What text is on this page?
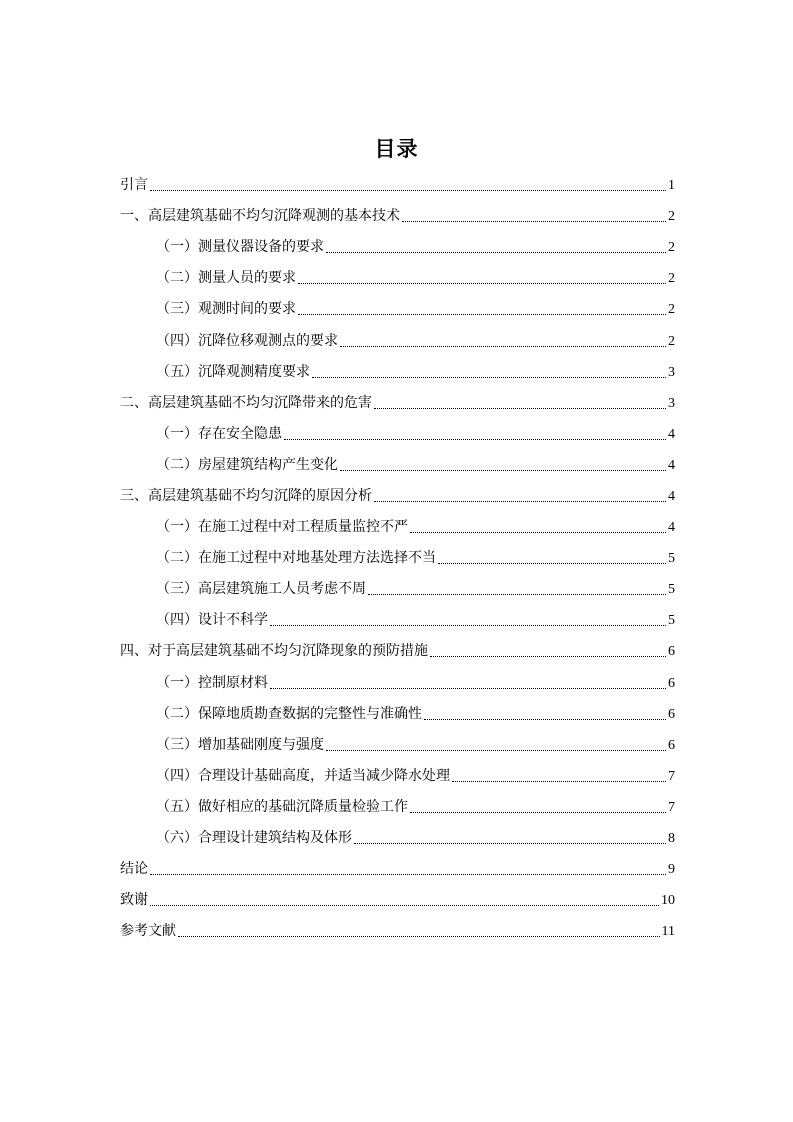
目录
引言	1
一、高层建筑基础不均匀沉降观测的基本技术	2
（一）测量仪器设备的要求	2
（二）测量人员的要求	2
（三）观测时间的要求	2
（四）沉降位移观测点的要求	2
（五）沉降观测精度要求	3
二、高层建筑基础不均匀沉降带来的危害	3
（一）存在安全隐患	4
（二）房屋建筑结构产生变化	4
三、高层建筑基础不均匀沉降的原因分析	4
（一）在施工过程中对工程质量监控不严	4
（二）在施工过程中对地基处理方法选择不当	5
（三）高层建筑施工人员考虑不周	5
（四）设计不科学	5
四、对于高层建筑基础不均匀沉降现象的预防措施	6
（一）控制原材料	6
（二）保障地质勘查数据的完整性与准确性	6
（三）增加基础刚度与强度	6
（四）合理设计基础高度，并适当减少降水处理	7
（五）做好相应的基础沉降质量检验工作	7
（六）合理设计建筑结构及体形	8
结论	9
致谢	10
参考文献	11
